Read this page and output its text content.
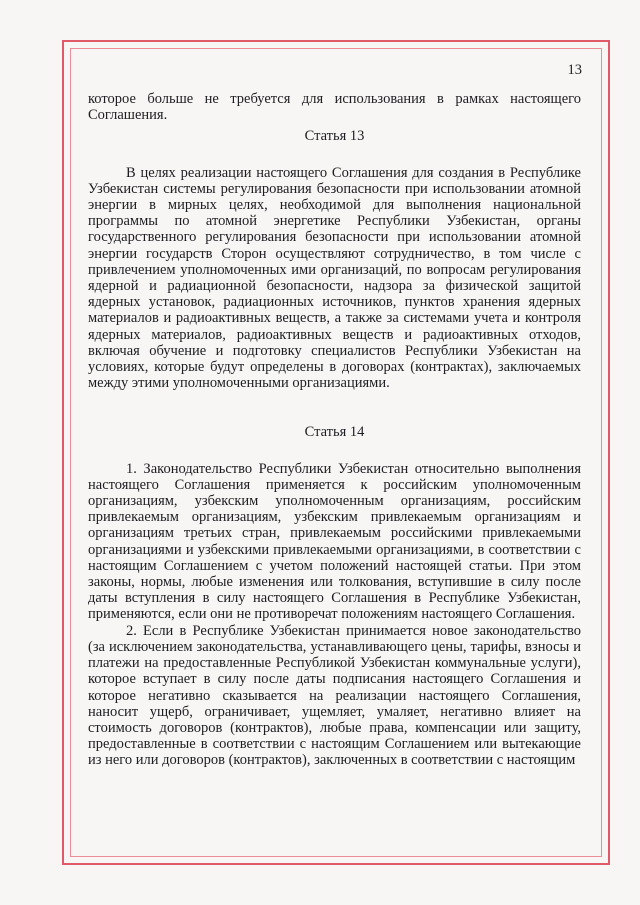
13

которое больше не требуется для использования в рамках настоящего Соглашения.

Статья 13

В целях реализации настоящего Соглашения для создания в Республике Узбекистан системы регулирования безопасности при использовании атомной энергии в мирных целях, необходимой для выполнения национальной программы по атомной энергетике Республики Узбекистан, органы государственного регулирования безопасности при использовании атомной энергии государств Сторон осуществляют сотрудничество, в том числе с привлечением уполномоченных ими организаций, по вопросам регулирования ядерной и радиационной безопасности, надзора за физической защитой ядерных установок, радиационных источников, пунктов хранения ядерных материалов и радиоактивных веществ, а также за системами учета и контроля ядерных материалов, радиоактивных веществ и радиоактивных отходов, включая обучение и подготовку специалистов Республики Узбекистан на условиях, которые будут определены в договорах (контрактах), заключаемых между этими уполномоченными организациями.

Статья 14

1. Законодательство Республики Узбекистан относительно выполнения настоящего Соглашения применяется к российским уполномоченным организациям, узбекским уполномоченным организациям, российским привлекаемым организациям, узбекским привлекаемым организациям и организациям третьих стран, привлекаемым российскими привлекаемыми организациями и узбекскими привлекаемыми организациями, в соответствии с настоящим Соглашением с учетом положений настоящей статьи. При этом законы, нормы, любые изменения или толкования, вступившие в силу после даты вступления в силу настоящего Соглашения в Республике Узбекистан, применяются, если они не противоречат положениям настоящего Соглашения.

2. Если в Республике Узбекистан принимается новое законодательство (за исключением законодательства, устанавливающего цены, тарифы, взносы и платежи на предоставленные Республикой Узбекистан коммунальные услуги), которое вступает в силу после даты подписания настоящего Соглашения и которое негативно сказывается на реализации настоящего Соглашения, наносит ущерб, ограничивает, ущемляет, умаляет, негативно влияет на стоимость договоров (контрактов), любые права, компенсации или защиту, предоставленные в соответствии с настоящим Соглашением или вытекающие из него или договоров (контрактов), заключенных в соответствии с настоящим
